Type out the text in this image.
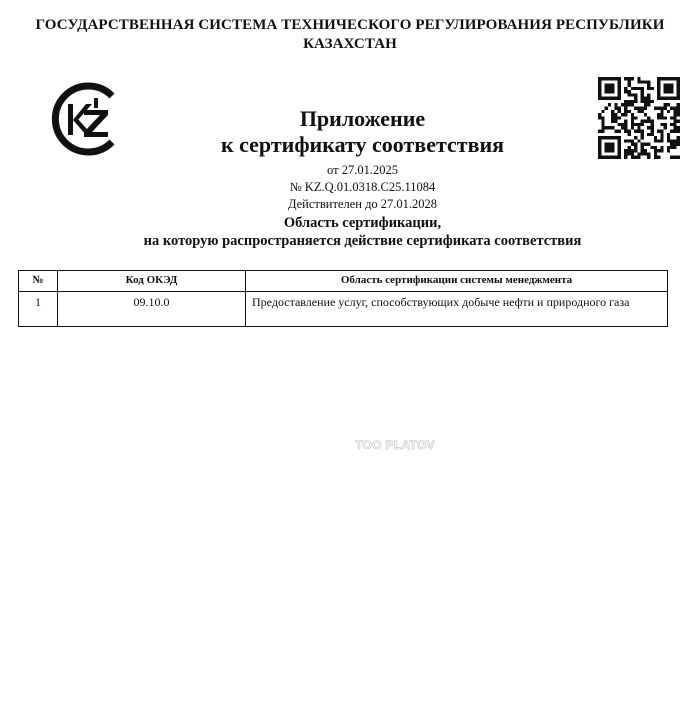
ГОСУДАРСТВЕННАЯ СИСТЕМА ТЕХНИЧЕСКОГО РЕГУЛИРОВАНИЯ РЕСПУБЛИКИ
КАЗАХСТАН
Приложение
к сертификату соответствия
от 27.01.2025
№ KZ.Q.01.0318.C25.11084
Действителен до 27.01.2028
Область сертификации,
на которую распространяется действие сертификата соответствия
№	Код ОКЭД	Область сертификации системы менеджмента
1	09.10.0	Предоставление услуг, способствующих добыче нефти и природного газа
ТОО PLATOV
